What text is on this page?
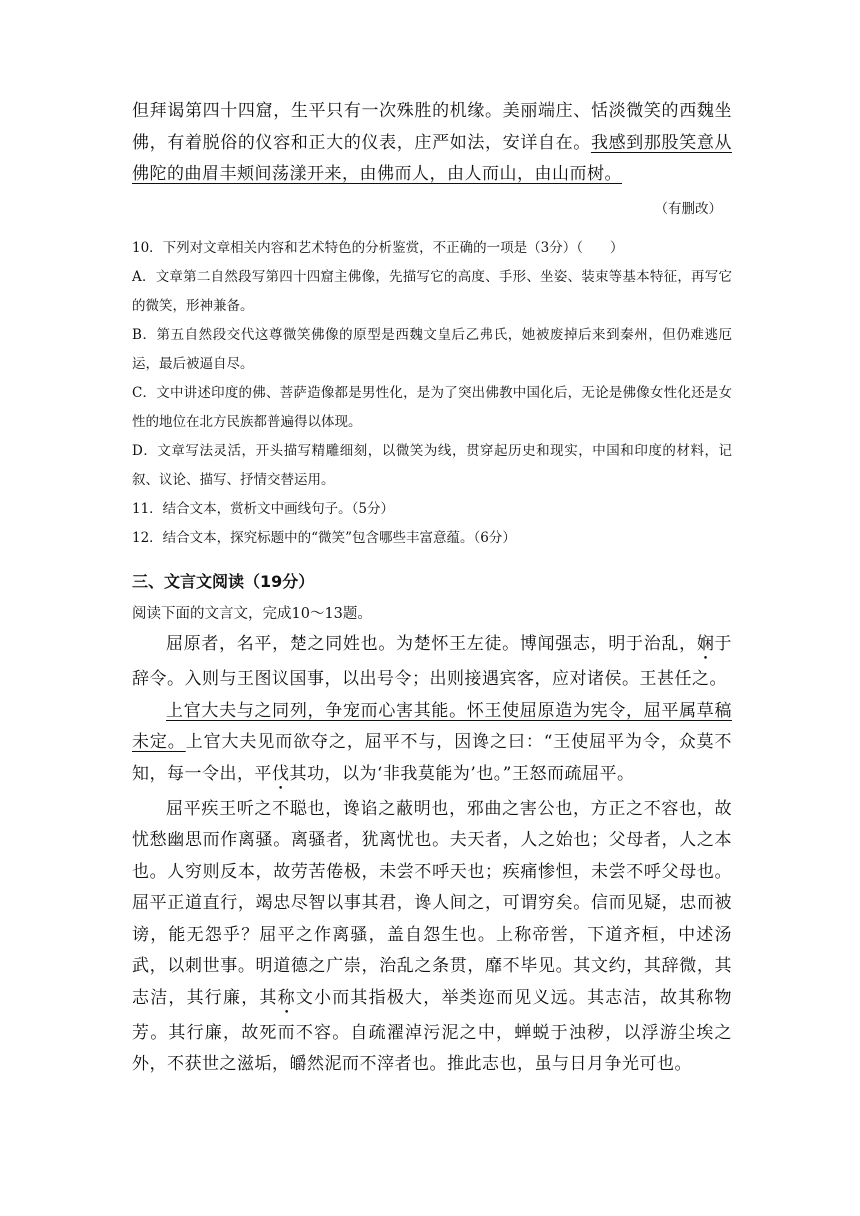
但拜谒第四十四窟，生平只有一次殊胜的机缘。美丽端庄、恬淡微笑的西魏坐佛，有着脱俗的仪容和正大的仪表，庄严如法，安详自在。我感到那股笑意从佛陀的曲眉丰颊间荡漾开来，由佛而人，由人而山，由山而树。

（有删改）

10．下列对文章相关内容和艺术特色的分析鉴赏，不正确的一项是（3分）（　　）

A．文章第二自然段写第四十四窟主佛像，先描写它的高度、手形、坐姿、装束等基本特征，再写它的微笑，形神兼备。

B．第五自然段交代这尊微笑佛像的原型是西魏文皇后乙弗氏，她被废掉后来到秦州，但仍难逃厄运，最后被逼自尽。

C．文中讲述印度的佛、菩萨造像都是男性化，是为了突出佛教中国化后，无论是佛像女性化还是女性的地位在北方民族都普遍得以体现。

D．文章写法灵活，开头描写精雕细刻，以微笑为线，贯穿起历史和现实，中国和印度的材料，记叙、议论、描写、抒情交替运用。

11．结合文本，赏析文中画线句子。（5分）

12．结合文本，探究标题中的“微笑”包含哪些丰富意蕴。（6分）

三、文言文阅读（19分）

阅读下面的文言文，完成10～13题。

屈原者，名平，楚之同姓也。为楚怀王左徒。博闻强志，明于治乱，娴于辞令。入则与王图议国事，以出号令；出则接遇宾客，应对诸侯。王甚任之。

上官大夫与之同列，争宠而心害其能。怀王使屈原造为宪令，屈平属草稿未定。上官大夫见而欲夺之，屈平不与，因谗之曰：“王使屈平为令，众莫不知，每一令出，平伐其功，以为‘非我莫能为’也。”王怒而疏屈平。

屈平疾王听之不聪也，谗谄之蔽明也，邪曲之害公也，方正之不容也，故忧愁幽思而作离骚。离骚者，犹离忧也。夫天者，人之始也；父母者，人之本也。人穷则反本，故劳苦倦极，未尝不呼天也；疾痛惨怛，未尝不呼父母也。屈平正道直行，竭忠尽智以事其君，谗人间之，可谓穷矣。信而见疑，忠而被谤，能无怨乎？屈平之作离骚，盖自怨生也。上称帝喾，下道齐桓，中述汤武，以刺世事。明道德之广崇，治乱之条贯，靡不毕见。其文约，其辞微，其志洁，其行廉，其称文小而其指极大，举类迩而见义远。其志洁，故其称物芳。其行廉，故死而不容。自疏濯淖污泥之中，蝉蜕于浊秽，以浮游尘埃之外，不获世之滋垢，皭然泥而不滓者也。推此志也，虽与日月争光可也。
